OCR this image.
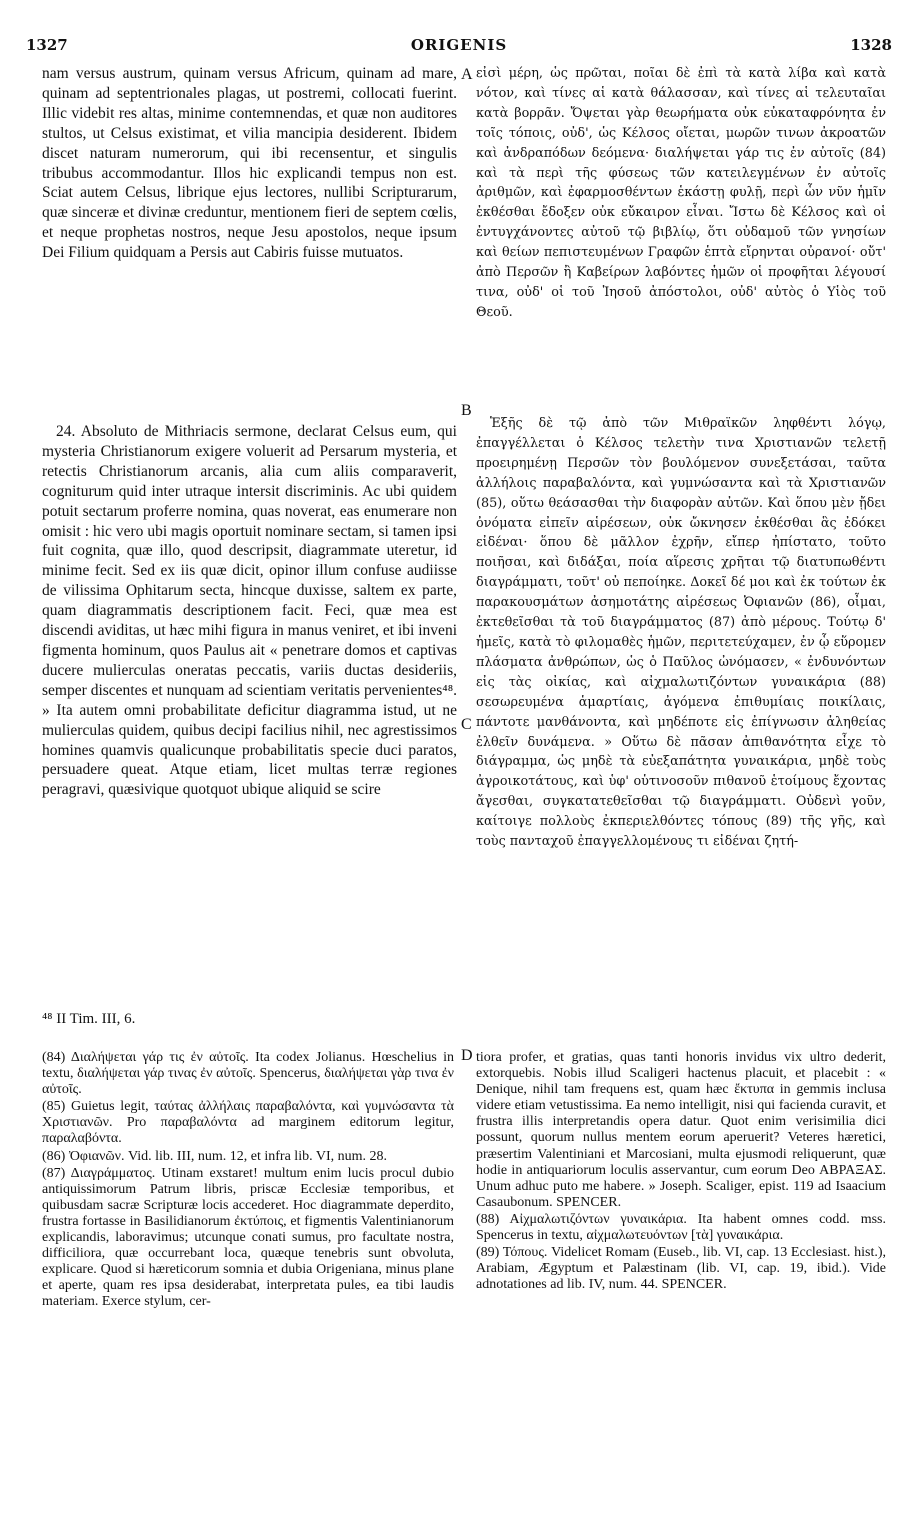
1327	ORIGENIS	1328
A
B
C
D

nam versus austrum, quinam versus Africum, quinam ad mare, quinam ad septentrionales plagas, ut postremi, collocati fuerint. Illic videbit res altas, minime contemnendas, et quæ non auditores stultos, ut Celsus existimat, et vilia mancipia desiderent. Ibidem discet naturam numerorum, qui ibi recensentur, et singulis tribubus accommodantur. Illos hic explicandi tempus non est. Sciat autem Celsus, librique ejus lectores, nullibi Scripturarum, quæ sinceræ et divinæ creduntur, mentionem fieri de septem cœlis, et neque prophetas nostros, neque Jesu apostolos, neque ipsum Dei Filium quidquam a Persis aut Cabiris fuisse mutuatos.

εἰσὶ μέρη, ὡς πρῶται, ποῖαι δὲ ἐπὶ τὰ κατὰ λίβα καὶ κατὰ νότον, καὶ τίνες αἱ κατὰ θάλασσαν, καὶ τίνες αἱ τελευταῖαι κατὰ βορρᾶν. Ὄψεται γὰρ θεωρήματα οὐκ εὐκαταφρόνητα ἐν τοῖς τόποις, οὐδ', ὡς Κέλσος οἴεται, μωρῶν τινων ἀκροατῶν καὶ ἀνδραπόδων δεόμενα· διαλήψεται γάρ τις ἐν αὐτοῖς (84) καὶ τὰ περὶ τῆς φύσεως τῶν κατειλεγμένων ἐν αὐτοῖς ἀριθμῶν, καὶ ἐφαρμοσθέντων ἑκάστῃ φυλῇ, περὶ ὧν νῦν ἡμῖν ἐκθέσθαι ἔδοξεν οὐκ εὔκαιρον εἶναι. Ἴστω δὲ Κέλσος καὶ οἱ ἐντυγχάνοντες αὐτοῦ τῷ βιβλίῳ, ὅτι οὐδαμοῦ τῶν γνησίων καὶ θείων πεπιστευμένων Γραφῶν ἑπτὰ εἴρηνται οὐρανοί· οὔτ' ἀπὸ Περσῶν ἢ Καβείρων λαβόντες ἡμῶν οἱ προφῆται λέγουσί τινα, οὐδ' οἱ τοῦ Ἰησοῦ ἀπόστολοι, οὐδ' αὐτὸς ὁ Υἱὸς τοῦ Θεοῦ.

24. Absoluto de Mithriacis sermone, declarat Celsus eum, qui mysteria Christianorum exigere voluerit ad Persarum mysteria, et retectis Christianorum arcanis, alia cum aliis comparaverit, cogniturum quid inter utraque intersit discriminis. Ac ubi quidem potuit sectarum proferre nomina, quas noverat, eas enumerare non omisit : hic vero ubi magis oportuit nominare sectam, si tamen ipsi fuit cognita, quæ illo, quod descripsit, diagrammate uteretur, id minime fecit. Sed ex iis quæ dicit, opinor illum confuse audiisse de vilissima Ophitarum secta, hincque duxisse, saltem ex parte, quam diagrammatis descriptionem facit. Feci, quæ mea est discendi aviditas, ut hæc mihi figura in manus veniret, et ibi inveni figmenta hominum, quos Paulus ait « penetrare domos et captivas ducere mulierculas oneratas peccatis, variis ductas desideriis, semper discentes et nunquam ad scientiam veritatis pervenientes⁴⁸. » Ita autem omni probabilitate deficitur diagramma istud, ut ne mulierculas quidem, quibus decipi facilius nihil, nec agrestissimos homines quamvis qualicunque probabilitatis specie duci paratos, persuadere queat. Atque etiam, licet multas terræ regiones peragravi, quæsivique quotquot ubique aliquid se scire

Ἑξῆς δὲ τῷ ἀπὸ τῶν Μιθραϊκῶν ληφθέντι λόγῳ, ἐπαγγέλλεται ὁ Κέλσος τελετὴν τινα Χριστιανῶν τελετῇ προειρημένῃ Περσῶν τὸν βουλόμενον συνεξετάσαι, ταῦτα ἀλλήλοις παραβαλόντα, καὶ γυμνώσαντα καὶ τὰ Χριστιανῶν (85), οὕτω θεάσασθαι τὴν διαφορὰν αὐτῶν. Καὶ ὅπου μὲν ᾔδει ὀνόματα εἰπεῖν αἱρέσεων, οὐκ ὤκνησεν ἐκθέσθαι ἃς ἐδόκει εἰδέναι· ὅπου δὲ μᾶλλον ἐχρῆν, εἴπερ ἠπίστατο, τοῦτο ποιῆσαι, καὶ διδάξαι, ποία αἵρεσις χρῆται τῷ διατυπωθέντι διαγράμματι, τοῦτ' οὐ πεποίηκε. Δοκεῖ δέ μοι καὶ ἐκ τούτων ἐκ παρακουσμάτων ἀσημοτάτης αἱρέσεως Ὀφιανῶν (86), οἶμαι, ἐκτεθεῖσθαι τὰ τοῦ διαγράμματος (87) ἀπὸ μέρους. Τούτῳ δ' ἡμεῖς, κατὰ τὸ φιλομαθὲς ἡμῶν, περιτετεύχαμεν, ἐν ᾧ εὕρομεν πλάσματα ἀνθρώπων, ὡς ὁ Παῦλος ὠνόμασεν, « ἐνδυνόντων εἰς τὰς οἰκίας, καὶ αἰχμαλωτιζόντων γυναικάρια (88) σεσωρευμένα ἁμαρτίαις, ἀγόμενα ἐπιθυμίαις ποικίλαις, πάντοτε μανθάνοντα, καὶ μηδέποτε εἰς ἐπίγνωσιν ἀληθείας ἐλθεῖν δυνάμενα. » Οὕτω δὲ πᾶσαν ἀπιθανότητα εἶχε τὸ διάγραμμα, ὡς μηδὲ τὰ εὐεξαπάτητα γυναικάρια, μηδὲ τοὺς ἀγροικοτάτους, καὶ ὑφ' οὑτινοσοῦν πιθανοῦ ἑτοίμους ἔχοντας ἄγεσθαι, συγκατατεθεῖσθαι τῷ διαγράμματι. Οὐδενὶ γοῦν, καίτοιγε πολλοὺς ἐκπεριελθόντες τόπους (89) τῆς γῆς, καὶ τοὺς πανταχοῦ ἐπαγγελλομένους τι εἰδέναι ζητή-

⁴⁸ II Tim. III, 6.

(84) Διαλήψεται γάρ τις ἐν αὐτοῖς. Ita codex Jolianus. Hœschelius in textu, διαλήψεται γάρ τινας ἐν αὐτοῖς. Spencerus, διαλήψεται γὰρ τινα ἐν αὐτοῖς.

(85) Guietus legit, ταύτας ἀλλήλαις παραβαλόντα, καὶ γυμνώσαντα τὰ Χριστιανῶν. Pro παραβαλόντα ad marginem editorum legitur, παραλαβόντα.

(86) Ὀφιανῶν. Vid. lib. III, num. 12, et infra lib. VI, num. 28.

(87) Διαγράμματος. Utinam exstaret! multum enim lucis procul dubio antiquissimorum Patrum libris, priscæ Ecclesiæ temporibus, et quibusdam sacræ Scripturæ locis accederet. Hoc diagrammate deperdito, frustra fortasse in Basilidianorum ἐκτύποις, et figmentis Valentinianorum explicandis, laboravimus; utcunque conati sumus, pro facultate nostra, difficiliora, quæ occurrebant loca, quæque tenebris sunt obvoluta, explicare. Quod si hæreticorum somnia et dubia Origeniana, minus plane et aperte, quam res ipsa desiderabat, interpretata pules, ea tibi laudis materiam. Exerce stylum, cer-

tiora profer, et gratias, quas tanti honoris invidus vix ultro dederit, extorquebis. Nobis illud Scaligeri hactenus placuit, et placebit : « Denique, nihil tam frequens est, quam hæc ἔκτυπα in gemmis inclusa videre etiam vetustissima. Ea nemo intelligit, nisi qui facienda curavit, et frustra illis interpretandis opera datur. Quot enim verisimilia dici possunt, quorum nullus mentem eorum aperuerit? Veteres hæretici, præsertim Valentiniani et Marcosiani, multa ejusmodi reliquerunt, quæ hodie in antiquariorum loculis asservantur, cum eorum Deo ΑΒΡΑΞΑΣ. Unum adhuc puto me habere. » Joseph. Scaliger, epist. 119 ad Isaacium Casaubonum. SPENCER.

(88) Αἰχμαλωτιζόντων γυναικάρια. Ita habent omnes codd. mss. Spencerus in textu, αἰχμαλωτευόντων [τὰ] γυναικάρια.

(89) Τόπους. Videlicet Romam (Euseb., lib. VI, cap. 13 Ecclesiast. hist.), Arabiam, Ægyptum et Palæstinam (lib. VI, cap. 19, ibid.). Vide adnotationes ad lib. IV, num. 44. SPENCER.
